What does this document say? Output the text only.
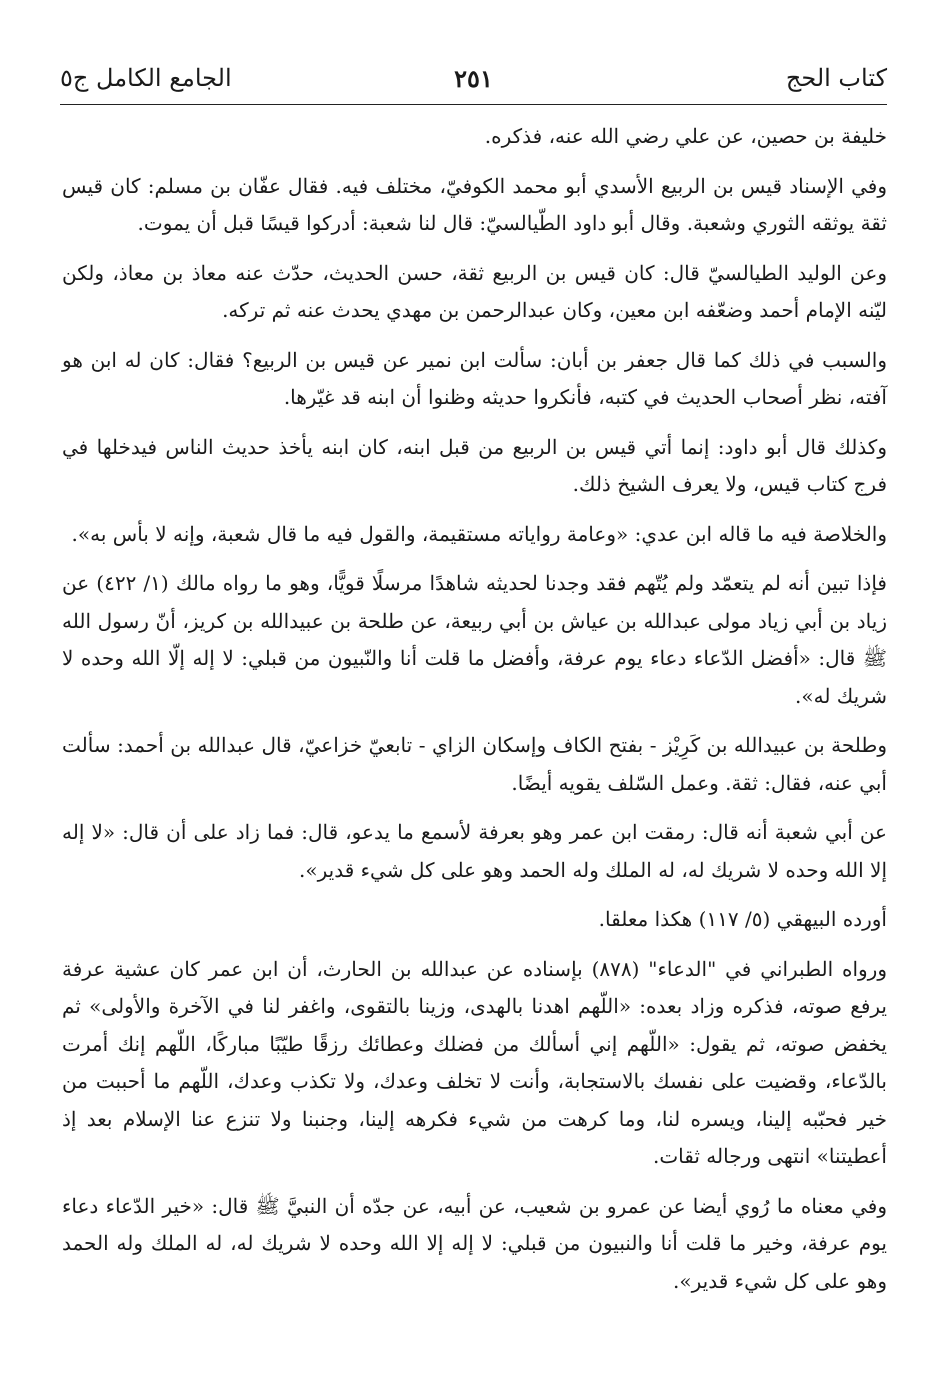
كتاب الحج
٢٥١
الجامع الكامل ج٥

خليفة بن حصين، عن علي رضي الله عنه، فذكره.

وفي الإسناد قيس بن الربيع الأسدي أبو محمد الكوفيّ، مختلف فيه. فقال عفّان بن مسلم: كان قيس ثقة يوثقه الثوري وشعبة. وقال أبو داود الطّيالسيّ: قال لنا شعبة: أدركوا قيسًا قبل أن يموت.

وعن الوليد الطيالسيّ قال: كان قيس بن الربيع ثقة، حسن الحديث، حدّث عنه معاذ بن معاذ، ولكن ليّنه الإمام أحمد وضعّفه ابن معين، وكان عبدالرحمن بن مهدي يحدث عنه ثم تركه.

والسبب في ذلك كما قال جعفر بن أبان: سألت ابن نمير عن قيس بن الربيع؟ فقال: كان له ابن هو آفته، نظر أصحاب الحديث في كتبه، فأنكروا حديثه وظنوا أن ابنه قد غيّرها.

وكذلك قال أبو داود: إنما أتي قيس بن الربيع من قبل ابنه، كان ابنه يأخذ حديث الناس فيدخلها في فرج كتاب قيس، ولا يعرف الشيخ ذلك.

والخلاصة فيه ما قاله ابن عدي: «وعامة رواياته مستقيمة، والقول فيه ما قال شعبة، وإنه لا بأس به».

فإذا تبين أنه لم يتعمّد ولم يُتّهم فقد وجدنا لحديثه شاهدًا مرسلًا قويًّا، وهو ما رواه مالك (١/ ٤٢٢) عن زياد بن أبي زياد مولى عبدالله بن عياش بن أبي ربيعة، عن طلحة بن عبيدالله بن كريز، أنّ رسول الله ﷺ قال: «أفضل الدّعاء دعاء يوم عرفة، وأفضل ما قلت أنا والنّبيون من قبلي: لا إله إلّا الله وحده لا شريك له».

وطلحة بن عبيدالله بن كَرِيْز - بفتح الكاف وإسكان الزاي - تابعيّ خزاعيّ، قال عبدالله بن أحمد: سألت أبي عنه، فقال: ثقة. وعمل السّلف يقويه أيضًا.

عن أبي شعبة أنه قال: رمقت ابن عمر وهو بعرفة لأسمع ما يدعو، قال: فما زاد على أن قال: «لا إله إلا الله وحده لا شريك له، له الملك وله الحمد وهو على كل شيء قدير».

أورده البيهقي (٥/ ١١٧) هكذا معلقا.

ورواه الطبراني في "الدعاء" (٨٧٨) بإسناده عن عبدالله بن الحارث، أن ابن عمر كان عشية عرفة يرفع صوته، فذكره وزاد بعده: «اللّهم اهدنا بالهدى، وزينا بالتقوى، واغفر لنا في الآخرة والأولى» ثم يخفض صوته، ثم يقول: «اللّهم إني أسألك من فضلك وعطائك رزقًا طيّبًا مباركًا، اللّهم إنك أمرت بالدّعاء، وقضيت على نفسك بالاستجابة، وأنت لا تخلف وعدك، ولا تكذب وعدك، اللّهم ما أحببت من خير فحبّبه إلينا، ويسره لنا، وما كرهت من شيء فكرهه إلينا، وجنبنا ولا تنزع عنا الإسلام بعد إذ أعطيتنا» انتهى ورجاله ثقات.

وفي معناه ما رُوي أيضا عن عمرو بن شعيب، عن أبيه، عن جدّه أن النبيَّ ﷺ قال: «خير الدّعاء دعاء يوم عرفة، وخير ما قلت أنا والنبيون من قبلي: لا إله إلا الله وحده لا شريك له، له الملك وله الحمد وهو على كل شيء قدير».
